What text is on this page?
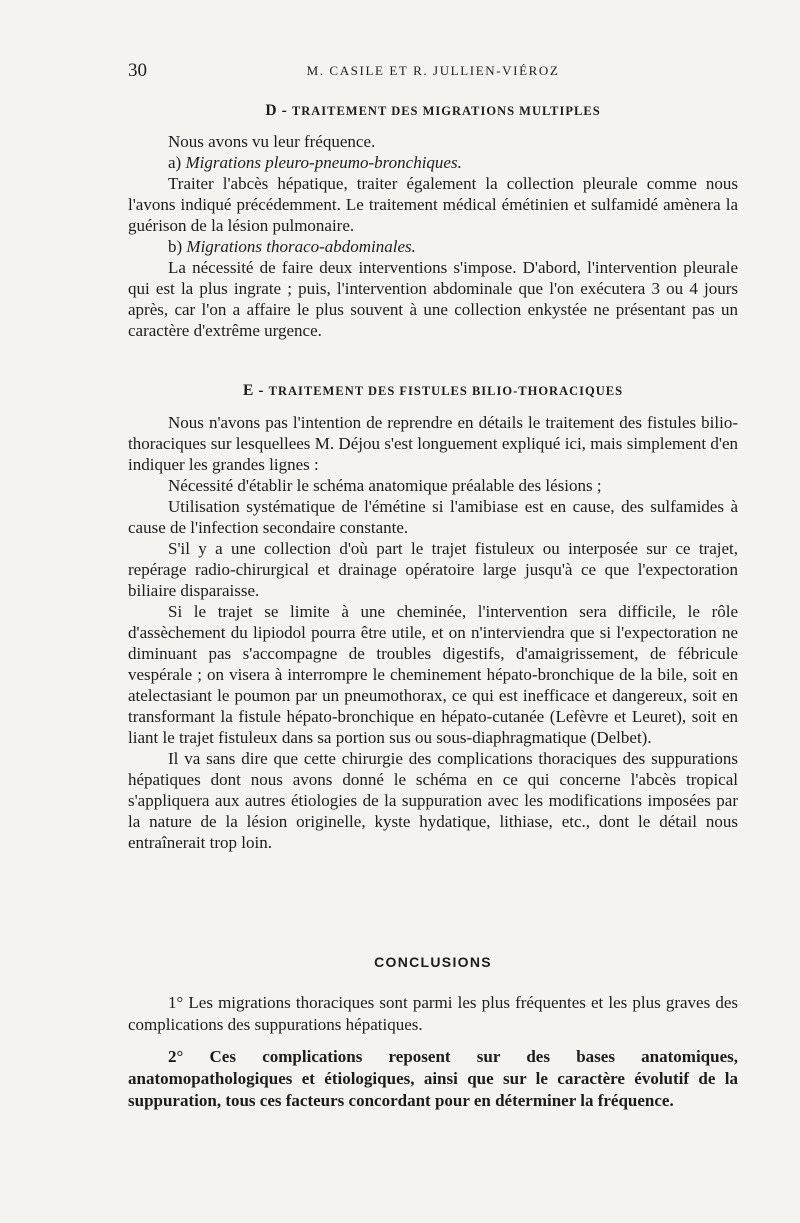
30	M. CASILE ET R. JULLIEN-VIÉROZ
D - TRAITEMENT DES MIGRATIONS MULTIPLES

Nous avons vu leur fréquence.

a) Migrations pleuro-pneumo-bronchiques.

Traiter l'abcès hépatique, traiter également la collection pleurale comme nous l'avons indiqué précédemment. Le traitement médical émétinien et sulfamidé amènera la guérison de la lésion pulmonaire.

b) Migrations thoraco-abdominales.

La nécessité de faire deux interventions s'impose. D'abord, l'intervention pleurale qui est la plus ingrate ; puis, l'intervention abdominale que l'on exécutera 3 ou 4 jours après, car l'on a affaire le plus souvent à une collection enkystée ne présentant pas un caractère d'extrême urgence.

E - TRAITEMENT DES FISTULES BILIO-THORACIQUES

Nous n'avons pas l'intention de reprendre en détails le traitement des fistules bilio-thoraciques sur lesquellees M. Déjou s'est longuement expliqué ici, mais simplement d'en indiquer les grandes lignes :

Nécessité d'établir le schéma anatomique préalable des lésions ;

Utilisation systématique de l'émétine si l'amibiase est en cause, des sulfamides à cause de l'infection secondaire constante.

S'il y a une collection d'où part le trajet fistuleux ou interposée sur ce trajet, repérage radio-chirurgical et drainage opératoire large jusqu'à ce que l'expectoration biliaire disparaisse.

Si le trajet se limite à une cheminée, l'intervention sera difficile, le rôle d'assèchement du lipiodol pourra être utile, et on n'interviendra que si l'expectoration ne diminuant pas s'accompagne de troubles digestifs, d'amaigrissement, de fébricule vespérale ; on visera à interrompre le cheminement hépato-bronchique de la bile, soit en atelectasiant le poumon par un pneumothorax, ce qui est inefficace et dangereux, soit en transformant la fistule hépato-bronchique en hépato-cutanée (Lefèvre et Leuret), soit en liant le trajet fistuleux dans sa portion sus ou sous-diaphragmatique (Delbet).

Il va sans dire que cette chirurgie des complications thoraciques des suppurations hépatiques dont nous avons donné le schéma en ce qui concerne l'abcès tropical s'appliquera aux autres étiologies de la suppuration avec les modifications imposées par la nature de la lésion originelle, kyste hydatique, lithiase, etc., dont le détail nous entraînerait trop loin.

CONCLUSIONS

1° Les migrations thoraciques sont parmi les plus fréquentes et les plus graves des complications des suppurations hépatiques.

2° Ces complications reposent sur des bases anatomiques, anatomopathologiques et étiologiques, ainsi que sur le caractère évolutif de la suppuration, tous ces facteurs concordant pour en déterminer la fréquence.
